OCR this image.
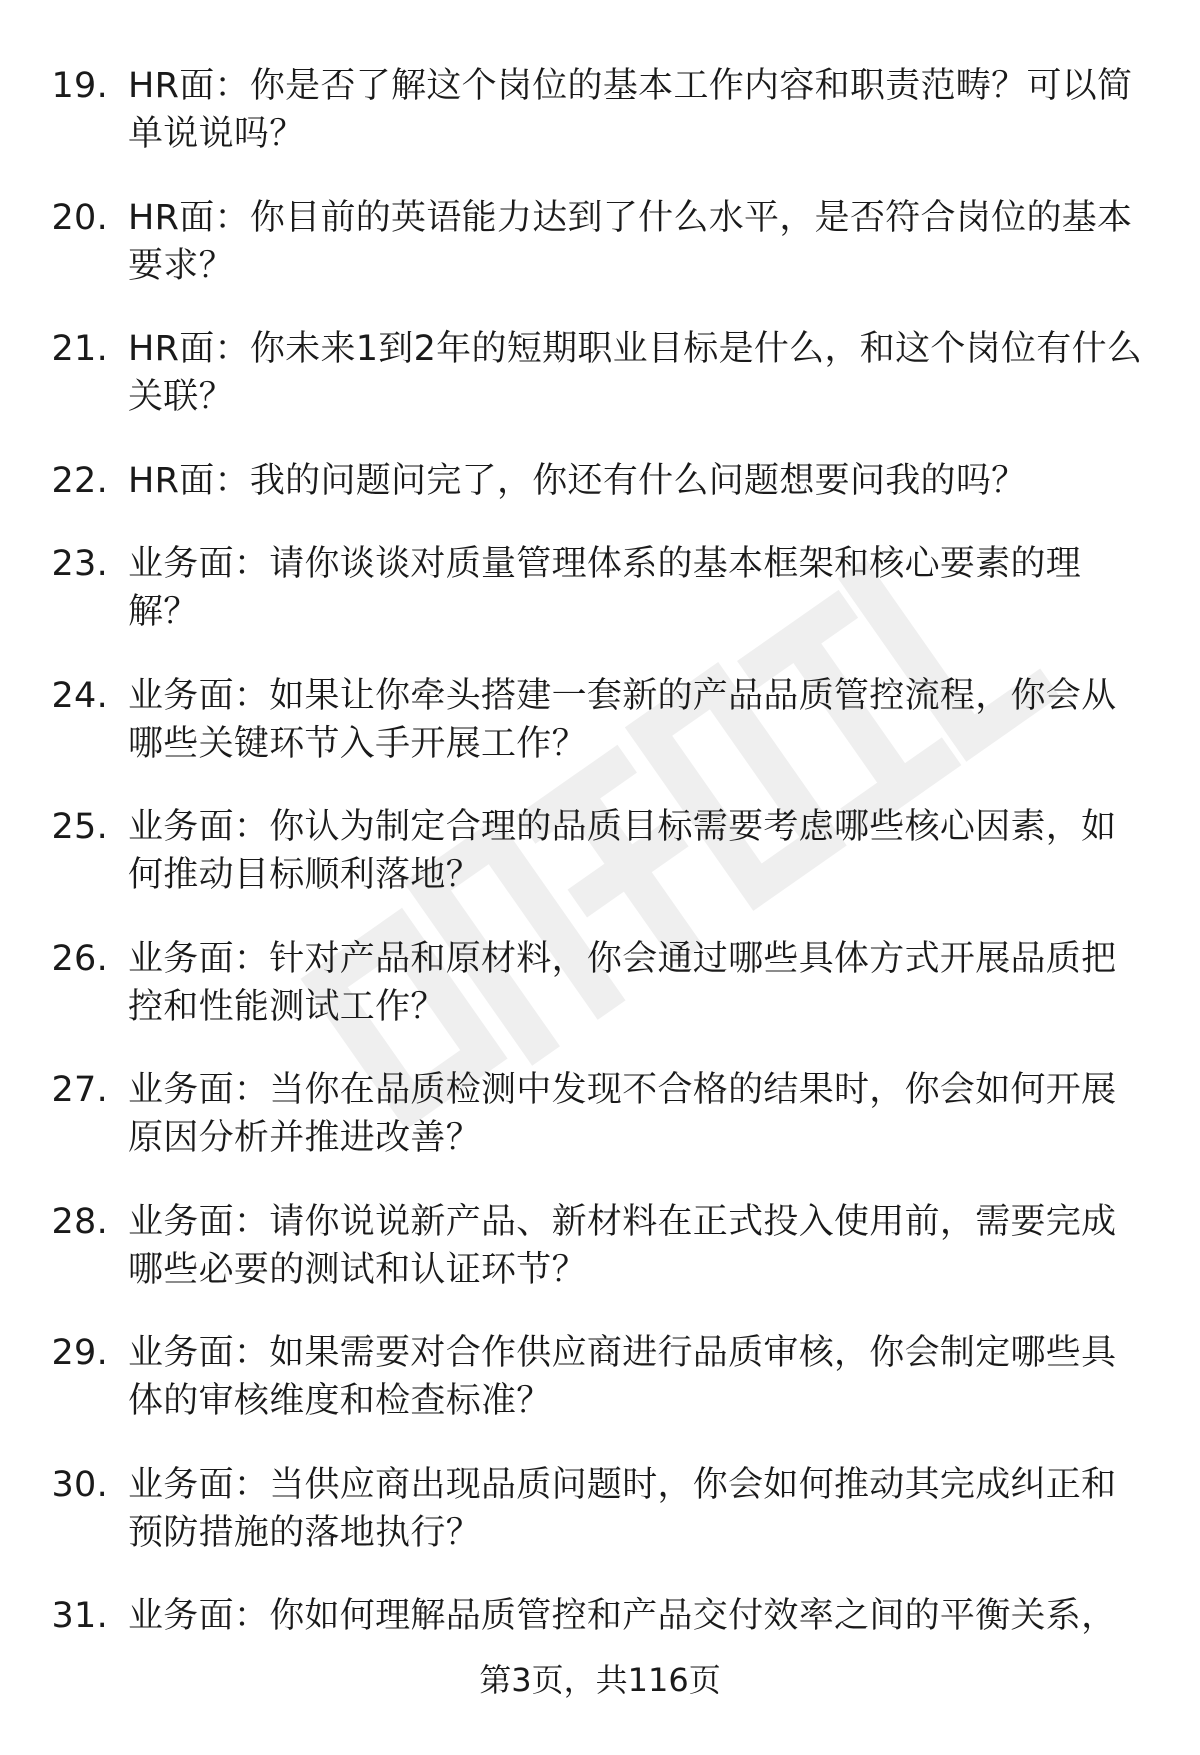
19. HR面：你是否了解这个岗位的基本工作内容和职责范畴？可以简单说说吗？
20. HR面：你目前的英语能力达到了什么水平，是否符合岗位的基本要求？
21. HR面：你未来1到2年的短期职业目标是什么，和这个岗位有什么关联？
22. HR面：我的问题问完了，你还有什么问题想要问我的吗？
23. 业务面：请你谈谈对质量管理体系的基本框架和核心要素的理解？
24. 业务面：如果让你牵头搭建一套新的产品品质管控流程，你会从哪些关键环节入手开展工作？
25. 业务面：你认为制定合理的品质目标需要考虑哪些核心因素，如何推动目标顺利落地？
26. 业务面：针对产品和原材料，你会通过哪些具体方式开展品质把控和性能测试工作？
27. 业务面：当你在品质检测中发现不合格的结果时，你会如何开展原因分析并推进改善？
28. 业务面：请你说说新产品、新材料在正式投入使用前，需要完成哪些必要的测试和认证环节？
29. 业务面：如果需要对合作供应商进行品质审核，你会制定哪些具体的审核维度和检查标准？
30. 业务面：当供应商出现品质问题时，你会如何推动其完成纠正和预防措施的落地执行？
31. 业务面：你如何理解品质管控和产品交付效率之间的平衡关系，
第3页，共116页
